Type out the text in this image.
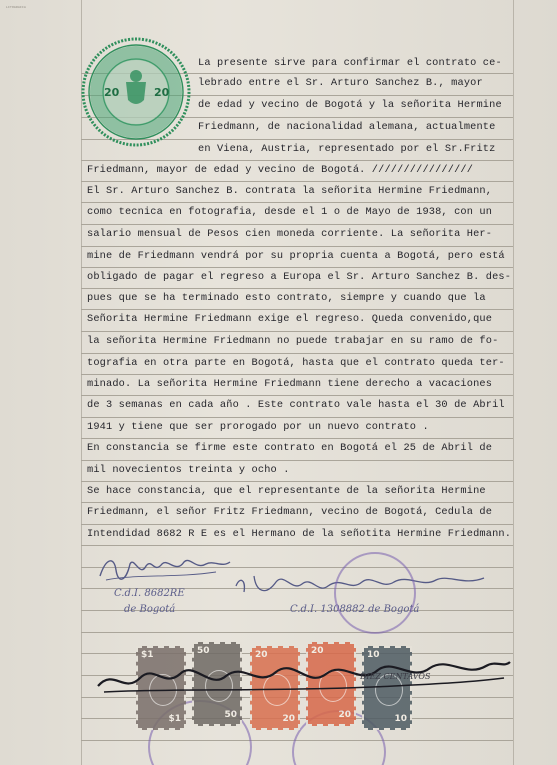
LITOGRAFIA
20	20
La presente sirve para confirmar el contrato ce-
lebrado entre el Sr. Arturo Sanchez B., mayor
de edad y vecino de Bogotá y la señorita Hermine
Friedmann, de nacionalidad alemana, actualmente
en Viena, Austria, representado por el Sr.Fritz
Friedmann, mayor de edad y vecino de Bogotá. ////////////////
El Sr. Arturo Sanchez B. contrata la señorita Hermine Friedmann,
como tecnica en fotografia, desde el 1 o de Mayo de 1938, con un
salario mensual de Pesos cien moneda corriente. La señorita Her-
mine de Friedmann vendrá por su propria cuenta a Bogotá, pero está
obligado de pagar el regreso a Europa el Sr. Arturo Sanchez B. des-
pues que se ha terminado esto contrato, siempre y cuando que la
Señorita Hermine Friedmann exige el regreso. Queda convenido,que
la señorita Hermine Friedmann no puede trabajar en su ramo de fo-
tografia en otra parte en Bogotá, hasta que el contrato queda ter-
minado. La señorita Hermine Friedmann tiene derecho a vacaciones
de 3 semanas en cada año . Este contrato vale hasta el 30 de Abril
1941 y tiene que ser prorogado por un nuevo contrato .
En constancia se firme este contrato en Bogotá el 25 de Abril de
mil novecientos treinta y ocho .
Se hace constancia, que el representante de la señorita Hermine
Friedmann, el señor Fritz Friedmann, vecino de Bogotá, Cedula de
Intendidad 8682 R E es el Hermano de la señotita Hermine Friedmann.
C.d.I. 8682RE
de Bogotá	C.d.I. 1308882 de Bogotá
$1
$1
50
50
20
20
20
20
10
10
DIEZ CENTAVOS
